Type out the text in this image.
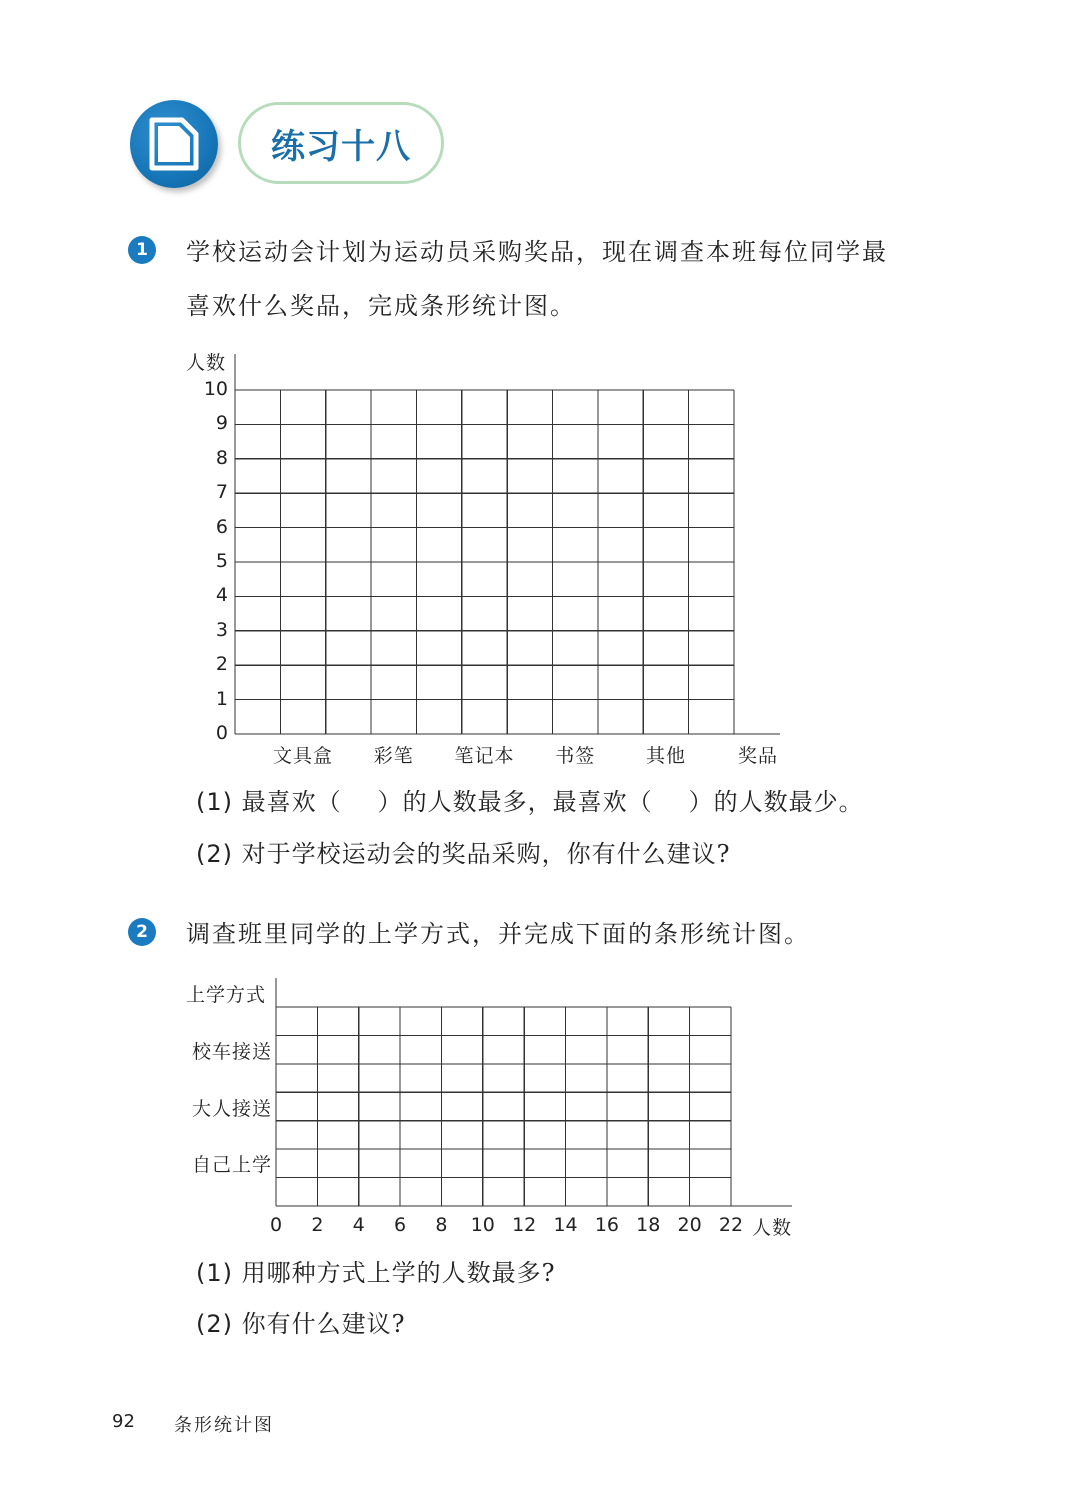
练习十八
1	学校运动会计划为运动员采购奖品，现在调查本班每位同学最
喜欢什么奖品，完成条形统计图。
人数
10
9
8
7
6
5
4
3
2
1
0
文具盒 彩笔 笔记本 书签	其他	奖品
(1) 最喜欢（ ）的人数最多，最喜欢（ ）的人数最少。
(2) 对于学校运动会的奖品采购，你有什么建议?
2	调查班里同学的上学方式，并完成下面的条形统计图。
上学方式
校车接送
大人接送
自己上学
0 2 4 6 8 10 12 14 16 18 20 22 人数
(1) 用哪种方式上学的人数最多?
(2) 你有什么建议?
92 条形统计图
